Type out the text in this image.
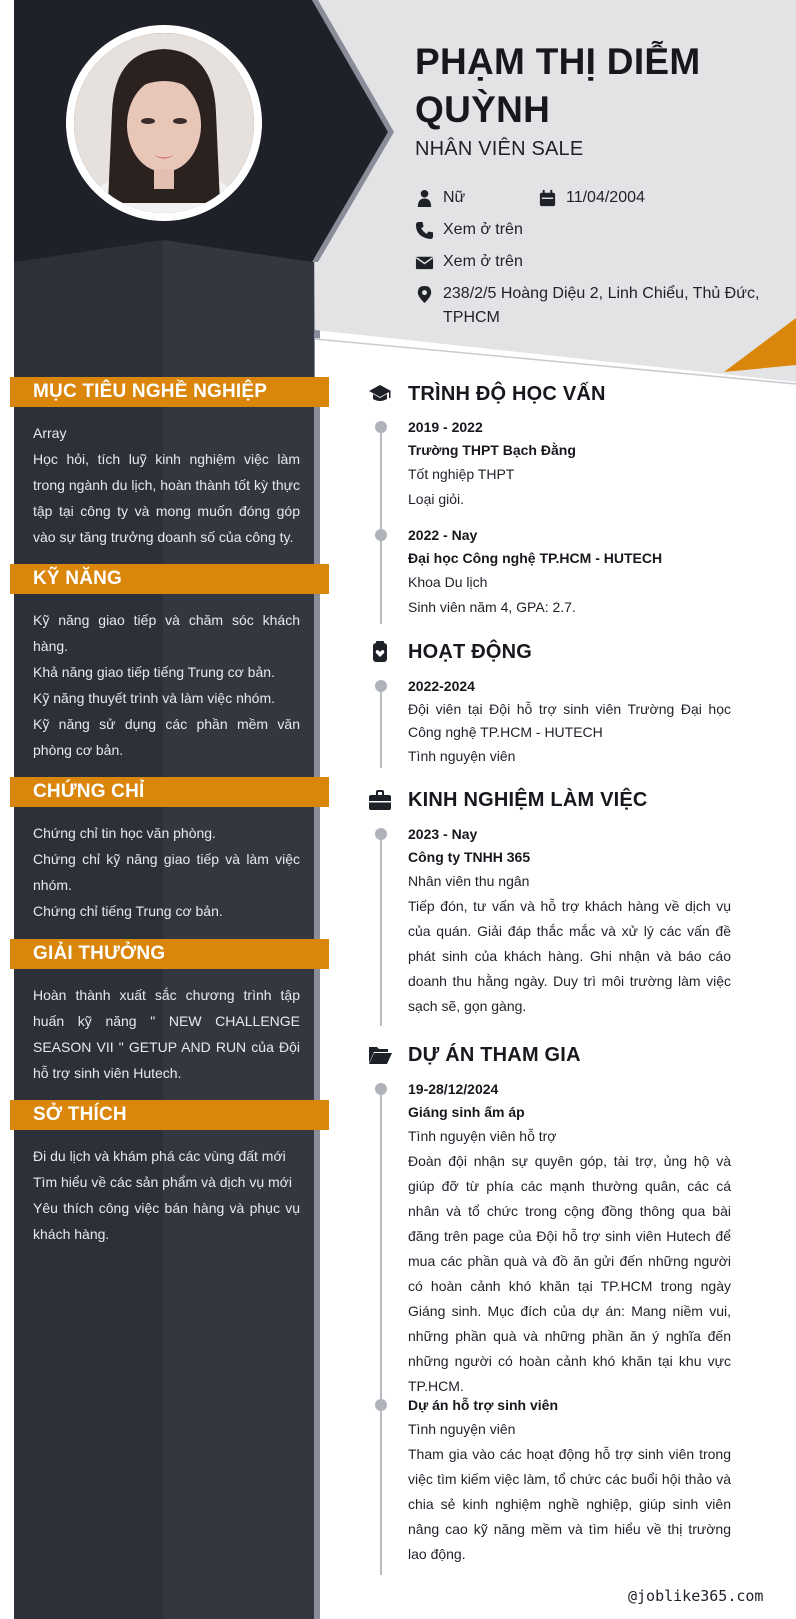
PHẠM THỊ DIỄM QUỲNH
NHÂN VIÊN SALE
Nữ	11/04/2004
Xem ở trên
Xem ở trên
238/2/5 Hoàng Diệu 2, Linh Chiểu, Thủ Đức, TPHCM
MỤC TIÊU NGHỀ NGHIỆP

Array

Học hỏi, tích luỹ kinh nghiệm việc làm trong ngành du lịch, hoàn thành tốt kỳ thực tập tại công ty và mong muốn đóng góp vào sự tăng trưởng doanh số của công ty.

KỸ NĂNG

Kỹ năng giao tiếp và chăm sóc khách hàng.

Khả năng giao tiếp tiếng Trung cơ bản.

Kỹ năng thuyết trình và làm việc nhóm.

Kỹ năng sử dụng các phần mềm văn phòng cơ bản.

CHỨNG CHỈ

Chứng chỉ tin học văn phòng.

Chứng chỉ kỹ năng giao tiếp và làm việc nhóm.

Chứng chỉ tiếng Trung cơ bản.

GIẢI THƯỞNG

Hoàn thành xuất sắc chương trình tập huấn kỹ năng " NEW CHALLENGE SEASON VII " GETUP AND RUN của Đội hỗ trợ sinh viên Hutech.

SỞ THÍCH

Đi du lịch và khám phá các vùng đất mới

Tìm hiểu về các sản phẩm và dịch vụ mới

Yêu thích công việc bán hàng và phục vụ khách hàng.

TRÌNH ĐỘ HỌC VẤN
2019 - 2022
Trường THPT Bạch Đằng
Tốt nghiệp THPT
Loại giỏi.
2022 - Nay
Đại học Công nghệ TP.HCM - HUTECH
Khoa Du lịch
Sinh viên năm 4, GPA: 2.7.
HOẠT ĐỘNG
2022-2024
Đội viên tại Đội hỗ trợ sinh viên Trường Đại học Công nghệ TP.HCM - HUTECH
Tình nguyện viên
KINH NGHIỆM LÀM VIỆC
2023 - Nay
Công ty TNHH 365
Nhân viên thu ngân
Tiếp đón, tư vấn và hỗ trợ khách hàng về dịch vụ của quán. Giải đáp thắc mắc và xử lý các vấn đề phát sinh của khách hàng. Ghi nhận và báo cáo doanh thu hằng ngày. Duy trì môi trường làm việc sạch sẽ, gọn gàng.
DỰ ÁN THAM GIA
19-28/12/2024
Giáng sinh ấm áp
Tình nguyện viên hỗ trợ
Đoàn đội nhận sự quyên góp, tài trợ, ủng hộ và giúp đỡ từ phía các mạnh thường quân, các cá nhân và tổ chức trong cộng đồng thông qua bài đăng trên page của Đội hỗ trợ sinh viên Hutech để mua các phần quà và đồ ăn gửi đến những người có hoàn cảnh khó khăn tại TP.HCM trong ngày Giáng sinh. Mục đích của dự án: Mang niềm vui, những phần quà và những phần ăn ý nghĩa đến những người có hoàn cảnh khó khăn tại khu vực TP.HCM.
Dự án hỗ trợ sinh viên
Tình nguyện viên
Tham gia vào các hoạt động hỗ trợ sinh viên trong việc tìm kiếm việc làm, tổ chức các buổi hội thảo và chia sẻ kinh nghiệm nghề nghiệp, giúp sinh viên nâng cao kỹ năng mềm và tìm hiểu về thị trường lao động.
@joblike365.com
